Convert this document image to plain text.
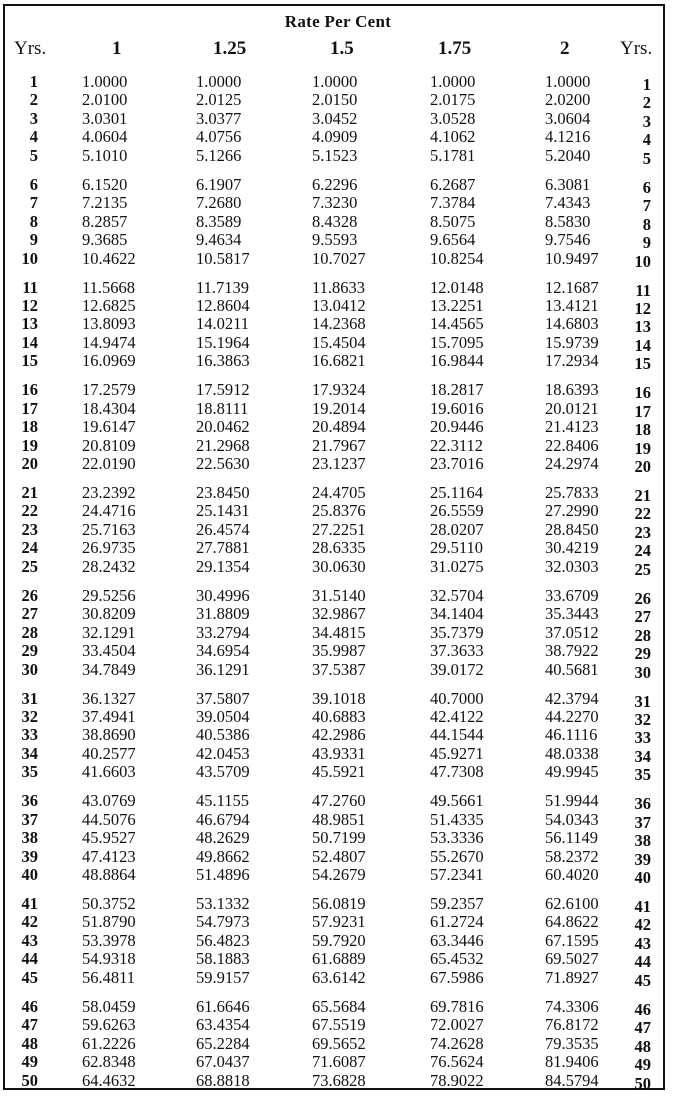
Rate Per Cent
Yrs.	1	1.25	1.5	1.75	2	Yrs.
1	1.0000	1.0000	1.0000	1.0000	1.0000	1
2	2.0100	2.0125	2.0150	2.0175	2.0200	2
3	3.0301	3.0377	3.0452	3.0528	3.0604	3
4	4.0604	4.0756	4.0909	4.1062	4.1216	4
5	5.1010	5.1266	5.1523	5.1781	5.2040	5
6	6.1520	6.1907	6.2296	6.2687	6.3081	6
7	7.2135	7.2680	7.3230	7.3784	7.4343	7
8	8.2857	8.3589	8.4328	8.5075	8.5830	8
9	9.3685	9.4634	9.5593	9.6564	9.7546	9
10	10.4622	10.5817	10.7027	10.8254	10.9497	10
11	11.5668	11.7139	11.8633	12.0148	12.1687	11
12	12.6825	12.8604	13.0412	13.2251	13.4121	12
13	13.8093	14.0211	14.2368	14.4565	14.6803	13
14	14.9474	15.1964	15.4504	15.7095	15.9739	14
15	16.0969	16.3863	16.6821	16.9844	17.2934	15
16	17.2579	17.5912	17.9324	18.2817	18.6393	16
17	18.4304	18.8111	19.2014	19.6016	20.0121	17
18	19.6147	20.0462	20.4894	20.9446	21.4123	18
19	20.8109	21.2968	21.7967	22.3112	22.8406	19
20	22.0190	22.5630	23.1237	23.7016	24.2974	20
21	23.2392	23.8450	24.4705	25.1164	25.7833	21
22	24.4716	25.1431	25.8376	26.5559	27.2990	22
23	25.7163	26.4574	27.2251	28.0207	28.8450	23
24	26.9735	27.7881	28.6335	29.5110	30.4219	24
25	28.2432	29.1354	30.0630	31.0275	32.0303	25
26	29.5256	30.4996	31.5140	32.5704	33.6709	26
27	30.8209	31.8809	32.9867	34.1404	35.3443	27
28	32.1291	33.2794	34.4815	35.7379	37.0512	28
29	33.4504	34.6954	35.9987	37.3633	38.7922	29
30	34.7849	36.1291	37.5387	39.0172	40.5681	30
31	36.1327	37.5807	39.1018	40.7000	42.3794	31
32	37.4941	39.0504	40.6883	42.4122	44.2270	32
33	38.8690	40.5386	42.2986	44.1544	46.1116	33
34	40.2577	42.0453	43.9331	45.9271	48.0338	34
35	41.6603	43.5709	45.5921	47.7308	49.9945	35
36	43.0769	45.1155	47.2760	49.5661	51.9944	36
37	44.5076	46.6794	48.9851	51.4335	54.0343	37
38	45.9527	48.2629	50.7199	53.3336	56.1149	38
39	47.4123	49.8662	52.4807	55.2670	58.2372	39
40	48.8864	51.4896	54.2679	57.2341	60.4020	40
41	50.3752	53.1332	56.0819	59.2357	62.6100	41
42	51.8790	54.7973	57.9231	61.2724	64.8622	42
43	53.3978	56.4823	59.7920	63.3446	67.1595	43
44	54.9318	58.1883	61.6889	65.4532	69.5027	44
45	56.4811	59.9157	63.6142	67.5986	71.8927	45
46	58.0459	61.6646	65.5684	69.7816	74.3306	46
47	59.6263	63.4354	67.5519	72.0027	76.8172	47
48	61.2226	65.2284	69.5652	74.2628	79.3535	48
49	62.8348	67.0437	71.6087	76.5624	81.9406	49
50	64.4632	68.8818	73.6828	78.9022	84.5794	50
